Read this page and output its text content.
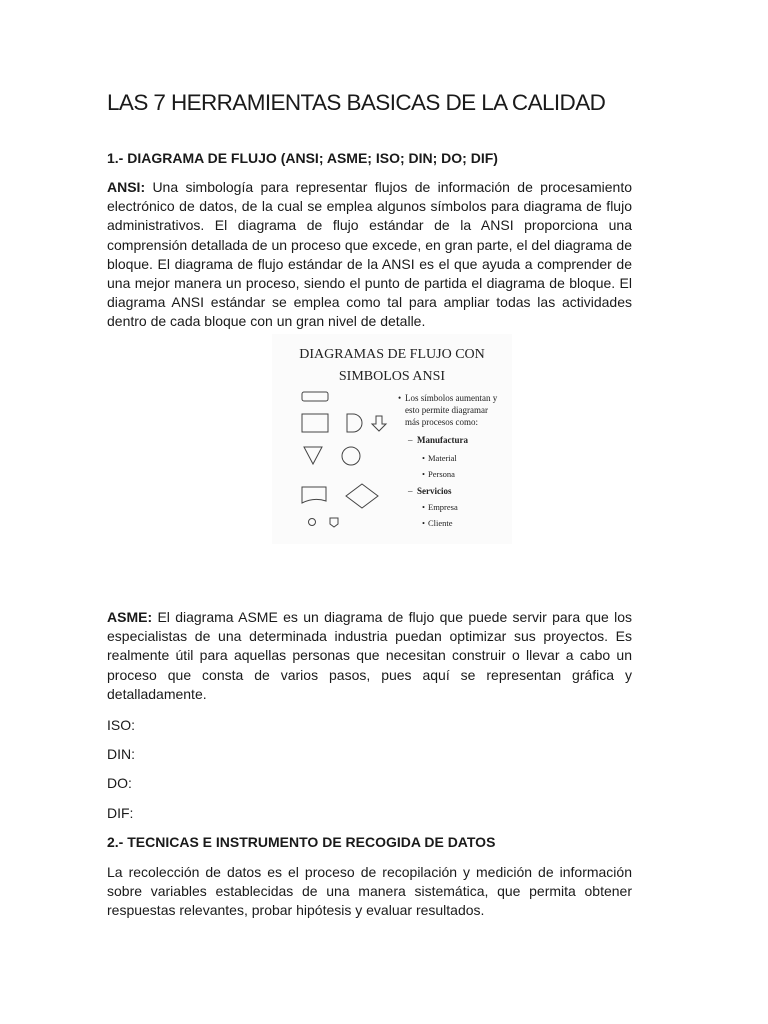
LAS 7 HERRAMIENTAS BASICAS DE LA CALIDAD
1.- DIAGRAMA DE FLUJO (ANSI; ASME; ISO; DIN; DO; DIF)

ANSI: Una simbología para representar flujos de información de procesamiento electrónico de datos, de la cual se emplea algunos símbolos para diagrama de flujo administrativos. El diagrama de flujo estándar de la ANSI proporciona una comprensión detallada de un proceso que excede, en gran parte, el del diagrama de bloque. El diagrama de flujo estándar de la ANSI es el que ayuda a comprender de una mejor manera un proceso, siendo el punto de partida el diagrama de bloque. El diagrama ANSI estándar se emplea como tal para ampliar todas las actividades dentro de cada bloque con un gran nivel de detalle.

DIAGRAMAS DE FLUJO CON
SIMBOLOS ANSI
• Los símbolos aumentan y
esto permite diagramar
más procesos como:
– Manufactura
• Material
• Persona
– Servicios
• Empresa
• Cliente

ASME: El diagrama ASME es un diagrama de flujo que puede servir para que los especialistas de una determinada industria puedan optimizar sus proyectos. Es realmente útil para aquellas personas que necesitan construir o llevar a cabo un proceso que consta de varios pasos, pues aquí se representan gráfica y detalladamente.

ISO:

DIN:

DO:

DIF:

2.- TECNICAS E INSTRUMENTO DE RECOGIDA DE DATOS

La recolección de datos es el proceso de recopilación y medición de información sobre variables establecidas de una manera sistemática, que permita obtener respuestas relevantes, probar hipótesis y evaluar resultados.
